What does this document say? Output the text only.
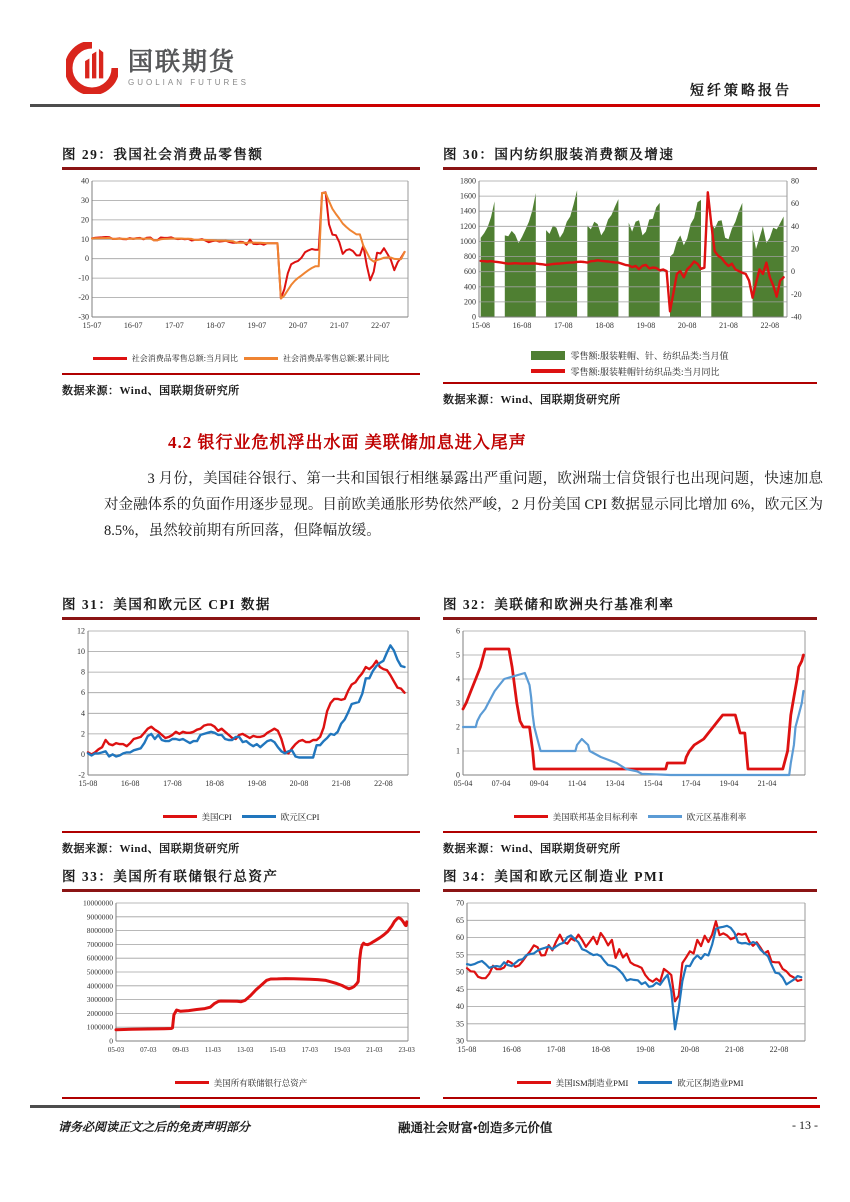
国联期货
GUOLIAN FUTURES
短纤策略报告
图 29：我国社会消费品零售额
-30
-20
-10
0
10
20
30
40
15-07	16-07	17-07	18-07	19-07	20-07	21-07	22-07
社会消费品零售总额:当月同比	社会消费品零售总额:累计同比
数据来源：Wind、国联期货研究所
图 30：国内纺织服装消费额及增速
0
200
400
600
800
1000
1200
1400
1600
1800
-40
-20
0
20
40
60
80
15-08	16-08	17-08	18-08	19-08	20-08	21-08	22-08
零售额:服装鞋帽、针、纺织品类:当月值
零售额:服装鞋帽针纺织品类:当月同比
数据来源：Wind、国联期货研究所
4.2 银行业危机浮出水面 美联储加息进入尾声
3 月份，美国硅谷银行、第一共和国银行相继暴露出严重问题，欧洲瑞士信贷银行也出现问题，快速加息对金融体系的负面作用逐步显现。目前欧美通胀形势依然严峻，2 月份美国 CPI 数据显示同比增加 6%，欧元区为 8.5%，虽然较前期有所回落，但降幅放缓。
图 31：美国和欧元区 CPI 数据
-2
0
2
4
6
8
10
12
15-08	16-08	17-08	18-08	19-08	20-08	21-08	22-08
美国CPI	欧元区CPI
数据来源：Wind、国联期货研究所
图 32：美联储和欧洲央行基准利率
0
1
2
3
4
5
6
05-04 07-04 09-04 11-04 13-04 15-04 17-04 19-04 21-04
美国联邦基金目标利率	欧元区基准利率
数据来源：Wind、国联期货研究所
图 33：美国所有联储银行总资产
0
1000000
2000000
3000000
4000000
5000000
6000000
7000000
8000000
9000000
10000000
05-03 07-03 09-03 11-03 13-03 15-03 17-03 19-03 21-03 23-03
美国所有联储银行总资产
图 34：美国和欧元区制造业 PMI
30
35
40
45
50
55
60
65
70
15-08	16-08	17-08	18-08	19-08	20-08	21-08	22-08
美国ISM制造业PMI	欧元区制造业PMI
请务必阅读正文之后的免责声明部分	融通社会财富•创造多元价值	- 13 -
